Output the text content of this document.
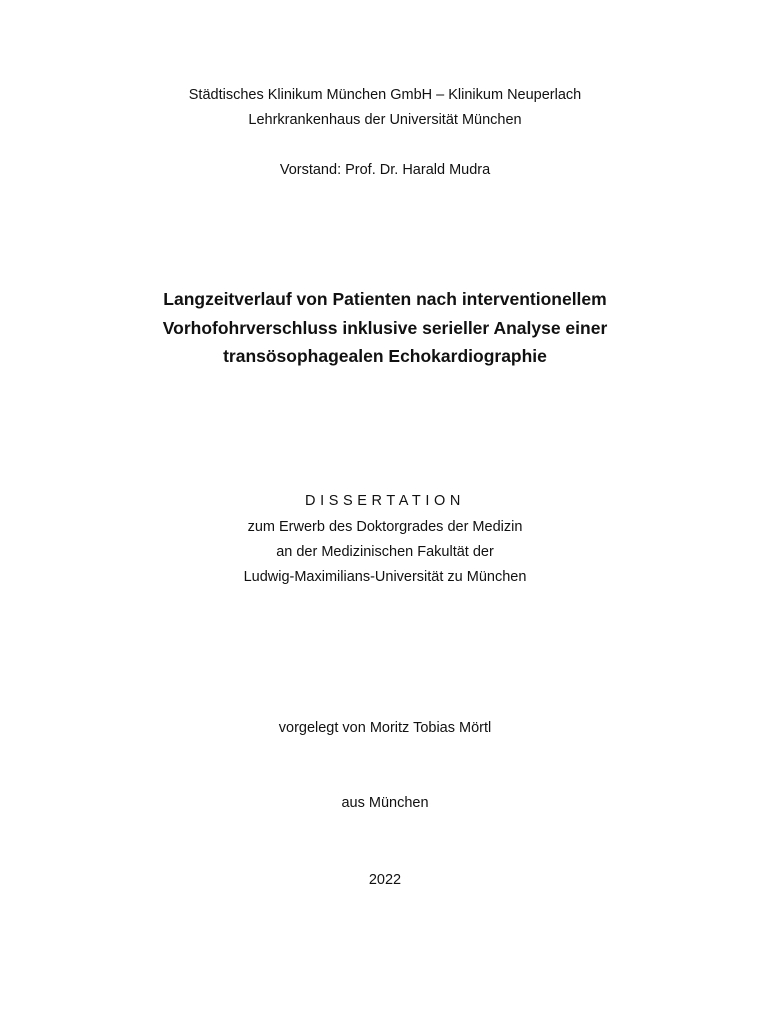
Städtisches Klinikum München GmbH – Klinikum Neuperlach
Lehrkrankenhaus der Universität München
Vorstand: Prof. Dr. Harald Mudra
Langzeitverlauf von Patienten nach interventionellem
Vorhofohrverschluss inklusive serieller Analyse einer
transösophagealen Echokardiographie
DISSERTATION
zum Erwerb des Doktorgrades der Medizin
an der Medizinischen Fakultät der
Ludwig-Maximilians-Universität zu München
vorgelegt von Moritz Tobias Mörtl
aus München
2022
